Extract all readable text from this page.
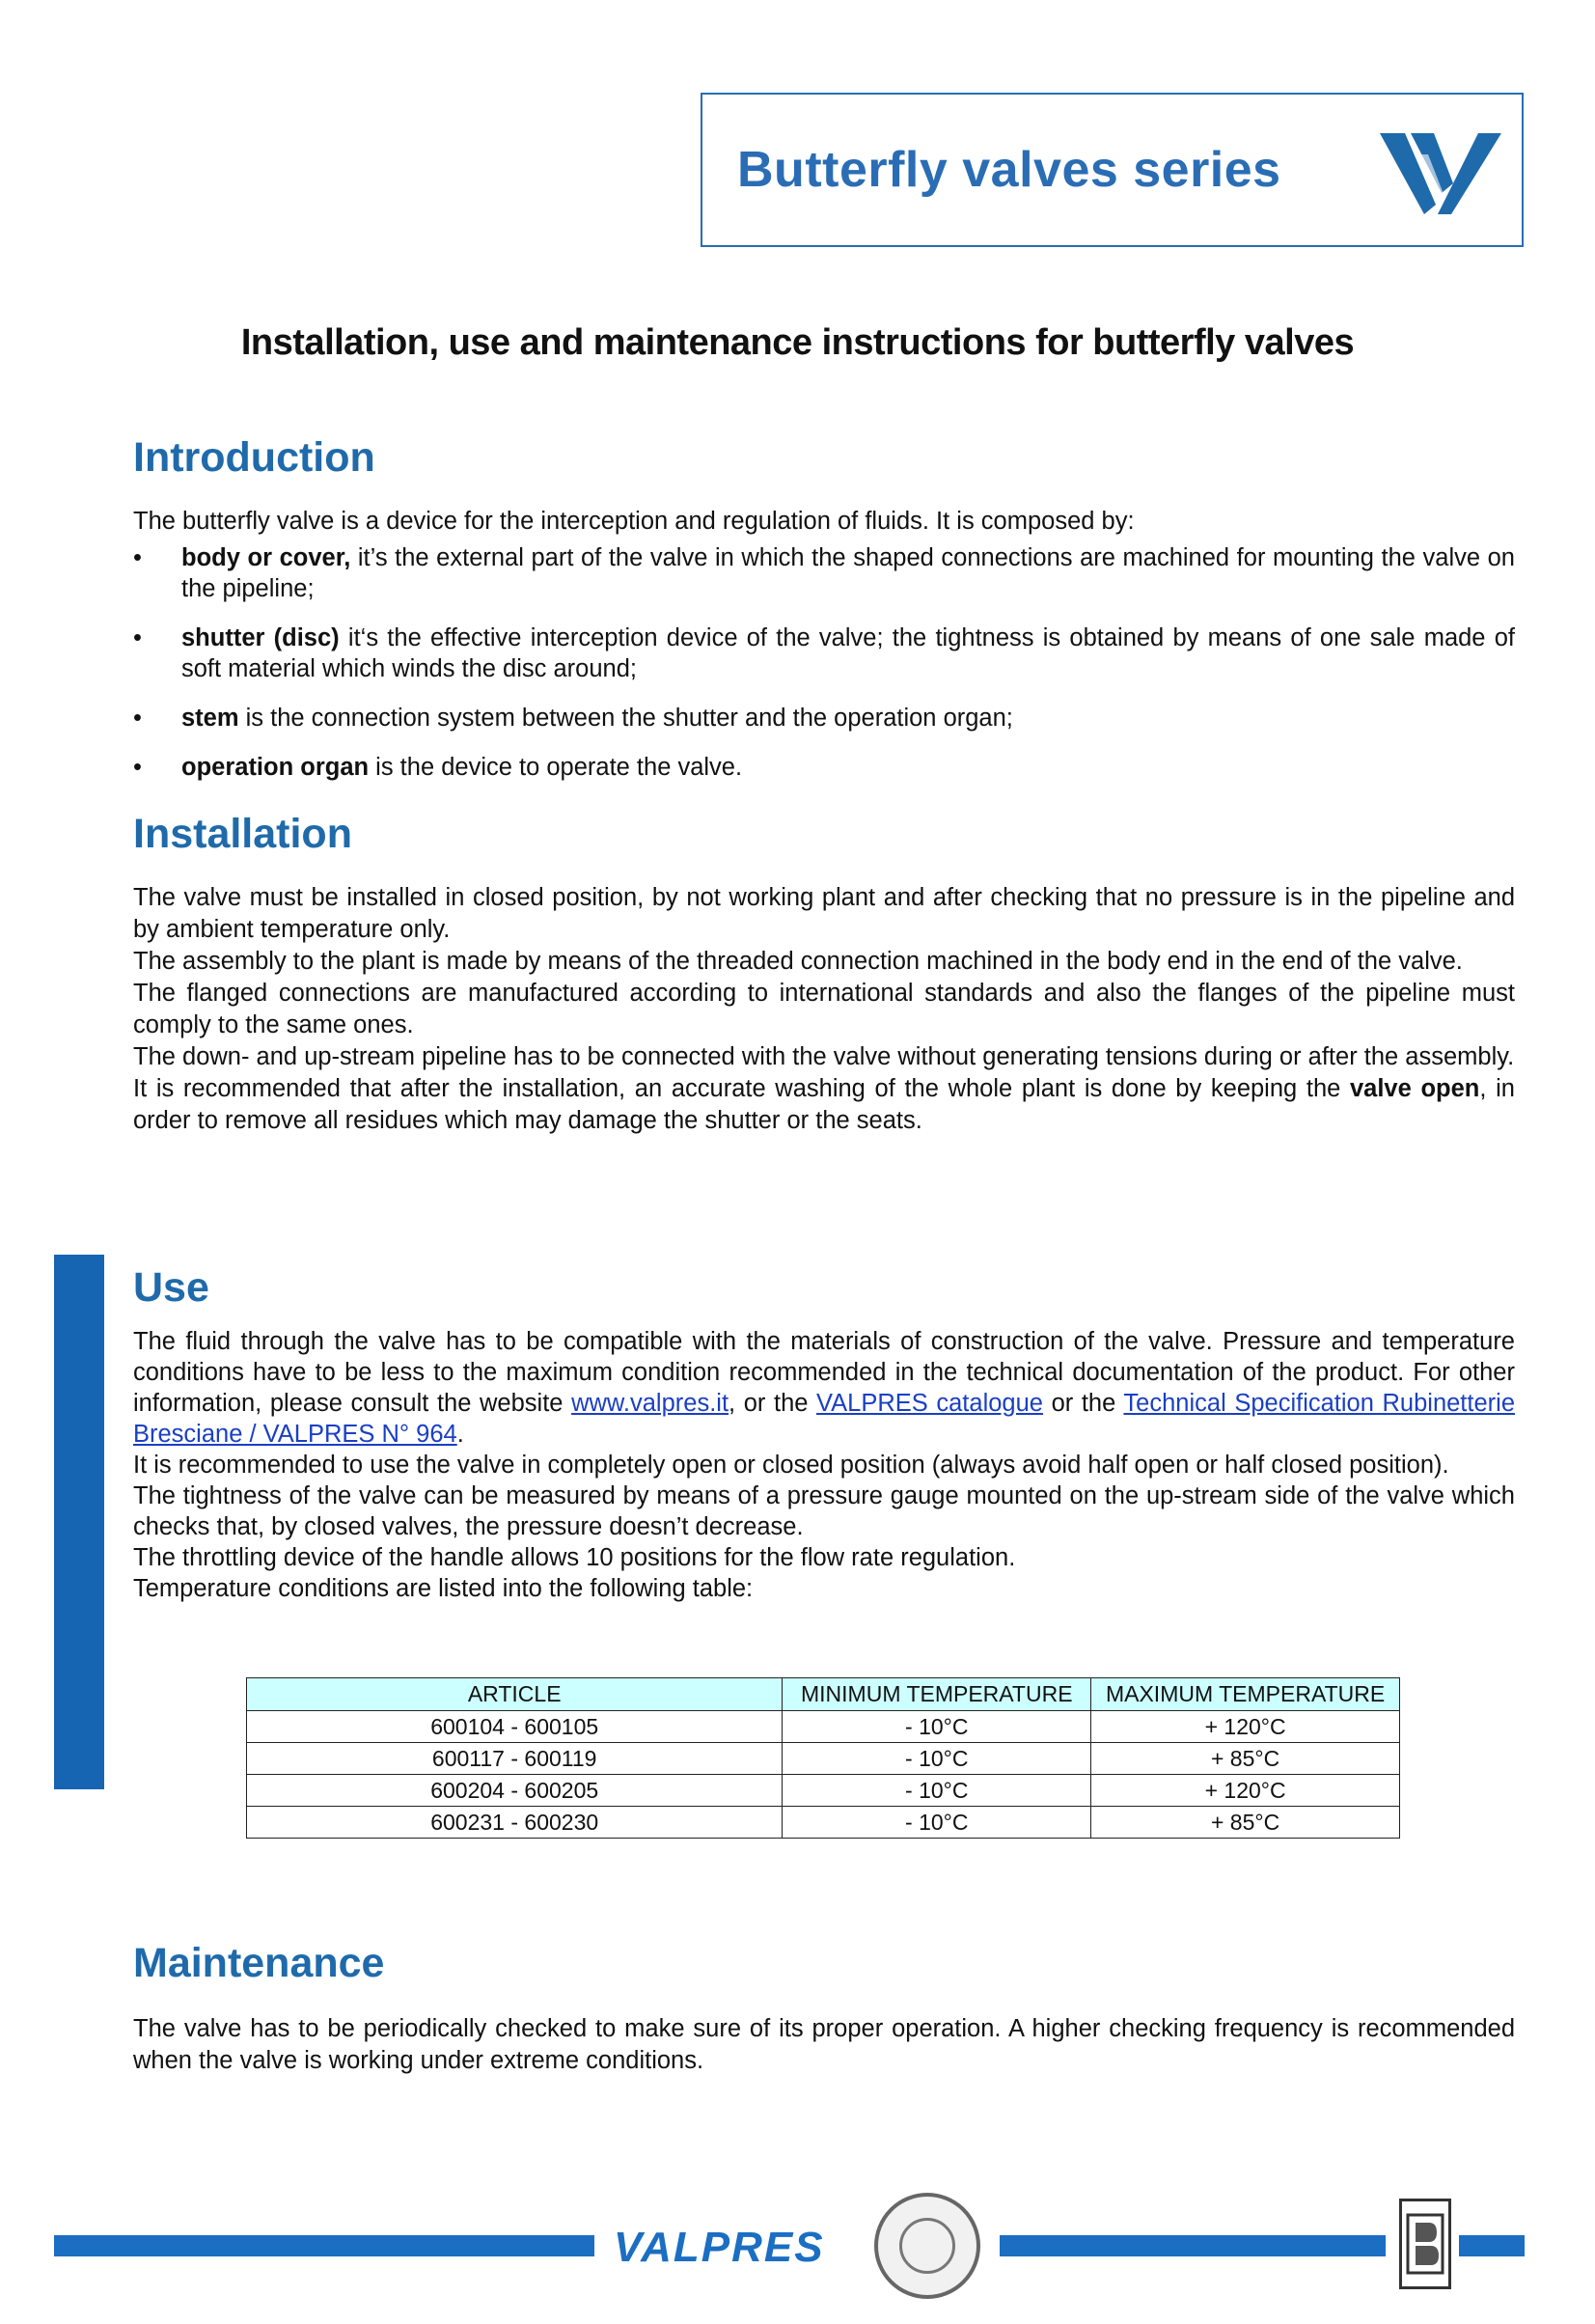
Butterfly valves series
Installation, use and maintenance instructions for butterfly valves
Introduction
The butterfly valve is a device for the interception and regulation of fluids. It is composed by:
•	body or cover, it’s the external part of the valve in which the shaped connections are machined for mounting the valve on the pipeline;
•	shutter (disc) it‘s the effective interception device of the valve; the tightness is obtained by means of one sale made of soft material which winds the disc around;
•	stem is the connection system between the shutter and the operation organ;
•	operation organ is the device to operate the valve.
Installation

The valve must be installed in closed position, by not working plant and after checking that no pressure is in the pipeline and by ambient temperature only.

The assembly to the plant is made by means of the threaded connection machined in the body end in the end of the valve.

The flanged connections are manufactured according to international standards and also the flanges of the pipeline must comply to the same ones.

The down- and up-stream pipeline has to be connected with the valve without generating tensions during or after the assembly.

It is recommended that after the installation, an accurate washing of the whole plant is done by keeping the valve open, in order to remove all residues which may damage the shutter or the seats.

Use

The fluid through the valve has to be compatible with the materials of construction of the valve. Pressure and temperature conditions have to be less to the maximum condition recommended in the technical documentation of the product. For other information, please consult the website www.valpres.it, or the VALPRES catalogue or the Technical Specification Rubinetterie Bresciane / VALPRES N° 964.

It is recommended to use the valve in completely open or closed position (always avoid half open or half closed position).

The tightness of the valve can be measured by means of a pressure gauge mounted on the up-stream side of the valve which checks that, by closed valves, the pressure doesn’t decrease.

The throttling device of the handle allows 10 positions for the flow rate regulation.

Temperature conditions are listed into the following table:

ARTICLE	MINIMUM TEMPERATURE	MAXIMUM TEMPERATURE
600104 - 600105	- 10°C	+ 120°C
600117 - 600119	- 10°C	+ 85°C
600204 - 600205	- 10°C	+ 120°C
600231 - 600230	- 10°C	+ 85°C
Maintenance
The valve has to be periodically checked to make sure of its proper operation. A higher checking frequency is recommended when the valve is working under extreme conditions.
VALPRES
